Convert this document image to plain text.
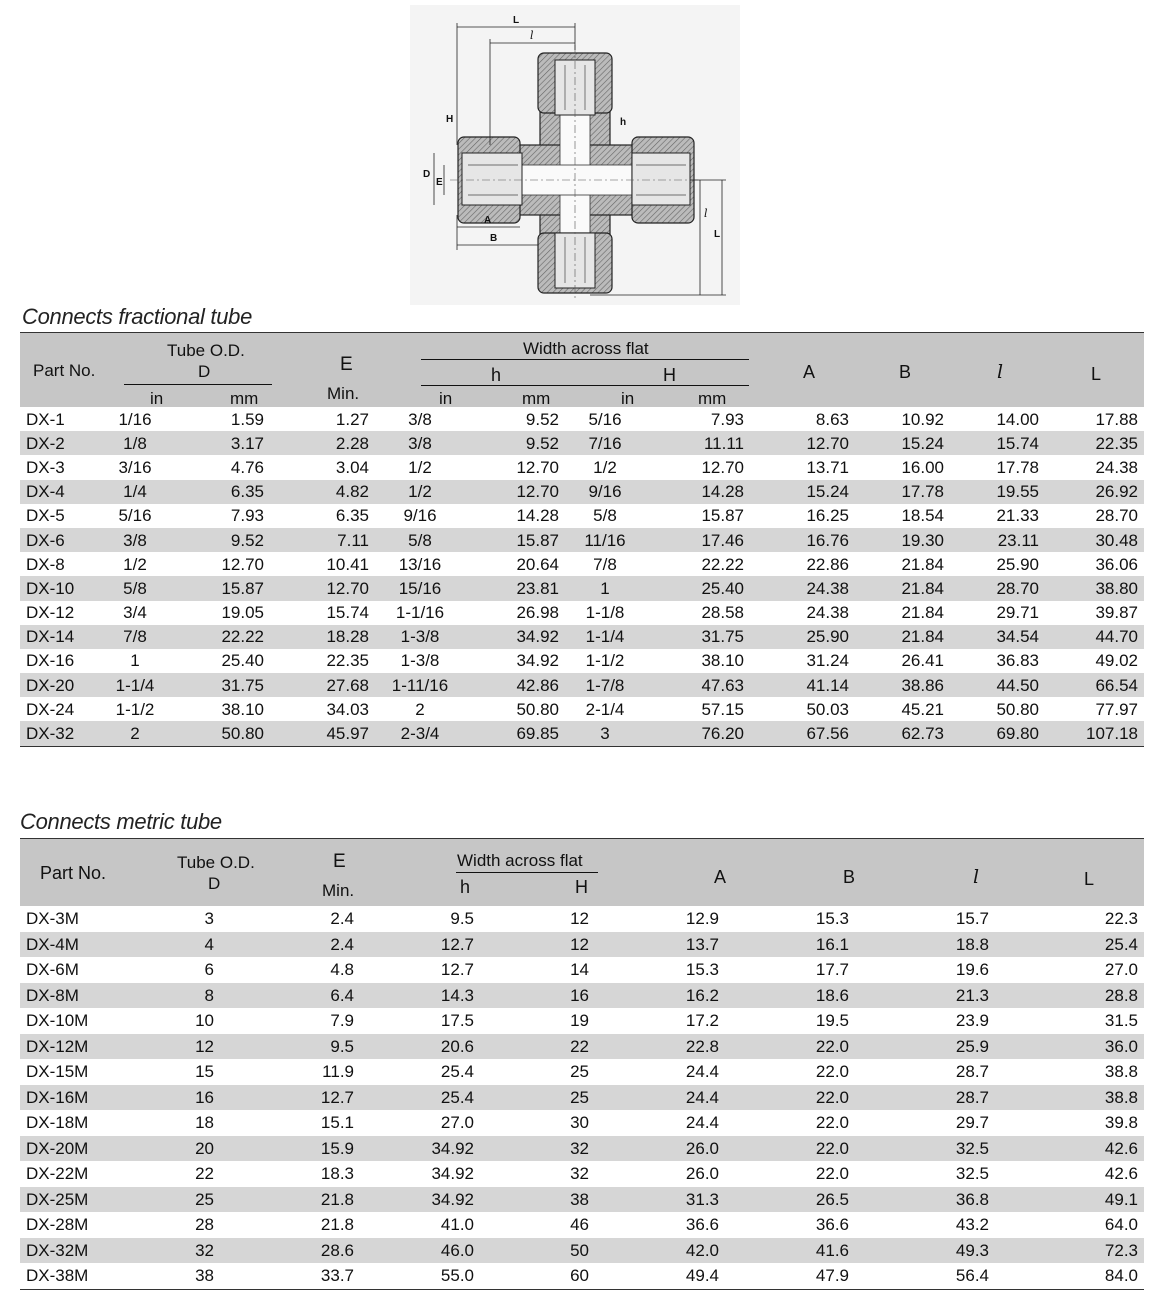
L
l
H	h
D
E
A
B
l
L
Connects fractional tube
Part No.
Tube O.D.
D
in	mm
E
Min.
Width across flat
h	H
in	mm	in	mm
A	B	l	L
DX-1	1/16	1.59	1.27	3/8	9.52	5/16	7.93	8.63	10.92	14.00	17.88
DX-2	1/8	3.17	2.28	3/8	9.52	7/16	11.11	12.70	15.24	15.74	22.35
DX-3	3/16	4.76	3.04	1/2	12.70	1/2	12.70	13.71	16.00	17.78	24.38
DX-4	1/4	6.35	4.82	1/2	12.70	9/16	14.28	15.24	17.78	19.55	26.92
DX-5	5/16	7.93	6.35	9/16	14.28	5/8	15.87	16.25	18.54	21.33	28.70
DX-6	3/8	9.52	7.11	5/8	15.87	11/16	17.46	16.76	19.30	23.11	30.48
DX-8	1/2	12.70	10.41	13/16	20.64	7/8	22.22	22.86	21.84	25.90	36.06
DX-10	5/8	15.87	12.70	15/16	23.81	1	25.40	24.38	21.84	28.70	38.80
DX-12	3/4	19.05	15.74	1-1/16	26.98	1-1/8	28.58	24.38	21.84	29.71	39.87
DX-14	7/8	22.22	18.28	1-3/8	34.92	1-1/4	31.75	25.90	21.84	34.54	44.70
DX-16	1	25.40	22.35	1-3/8	34.92	1-1/2	38.10	31.24	26.41	36.83	49.02
DX-20	1-1/4	31.75	27.68	1-11/16	42.86	1-7/8	47.63	41.14	38.86	44.50	66.54
DX-24	1-1/2	38.10	34.03	2	50.80	2-1/4	57.15	50.03	45.21	50.80	77.97
DX-32	2	50.80	45.97	2-3/4	69.85	3	76.20	67.56	62.73	69.80	107.18
Connects metric tube
Part No.
Tube O.D.
D
E
Min.
Width across flat
h	H	A	B	l	L
DX-3M	3	2.4	9.5	12	12.9	15.3	15.7	22.3
DX-4M	4	2.4	12.7	12	13.7	16.1	18.8	25.4
DX-6M	6	4.8	12.7	14	15.3	17.7	19.6	27.0
DX-8M	8	6.4	14.3	16	16.2	18.6	21.3	28.8
DX-10M	10	7.9	17.5	19	17.2	19.5	23.9	31.5
DX-12M	12	9.5	20.6	22	22.8	22.0	25.9	36.0
DX-15M	15	11.9	25.4	25	24.4	22.0	28.7	38.8
DX-16M	16	12.7	25.4	25	24.4	22.0	28.7	38.8
DX-18M	18	15.1	27.0	30	24.4	22.0	29.7	39.8
DX-20M	20	15.9	34.92	32	26.0	22.0	32.5	42.6
DX-22M	22	18.3	34.92	32	26.0	22.0	32.5	42.6
DX-25M	25	21.8	34.92	38	31.3	26.5	36.8	49.1
DX-28M	28	21.8	41.0	46	36.6	36.6	43.2	64.0
DX-32M	32	28.6	46.0	50	42.0	41.6	49.3	72.3
DX-38M	38	33.7	55.0	60	49.4	47.9	56.4	84.0
